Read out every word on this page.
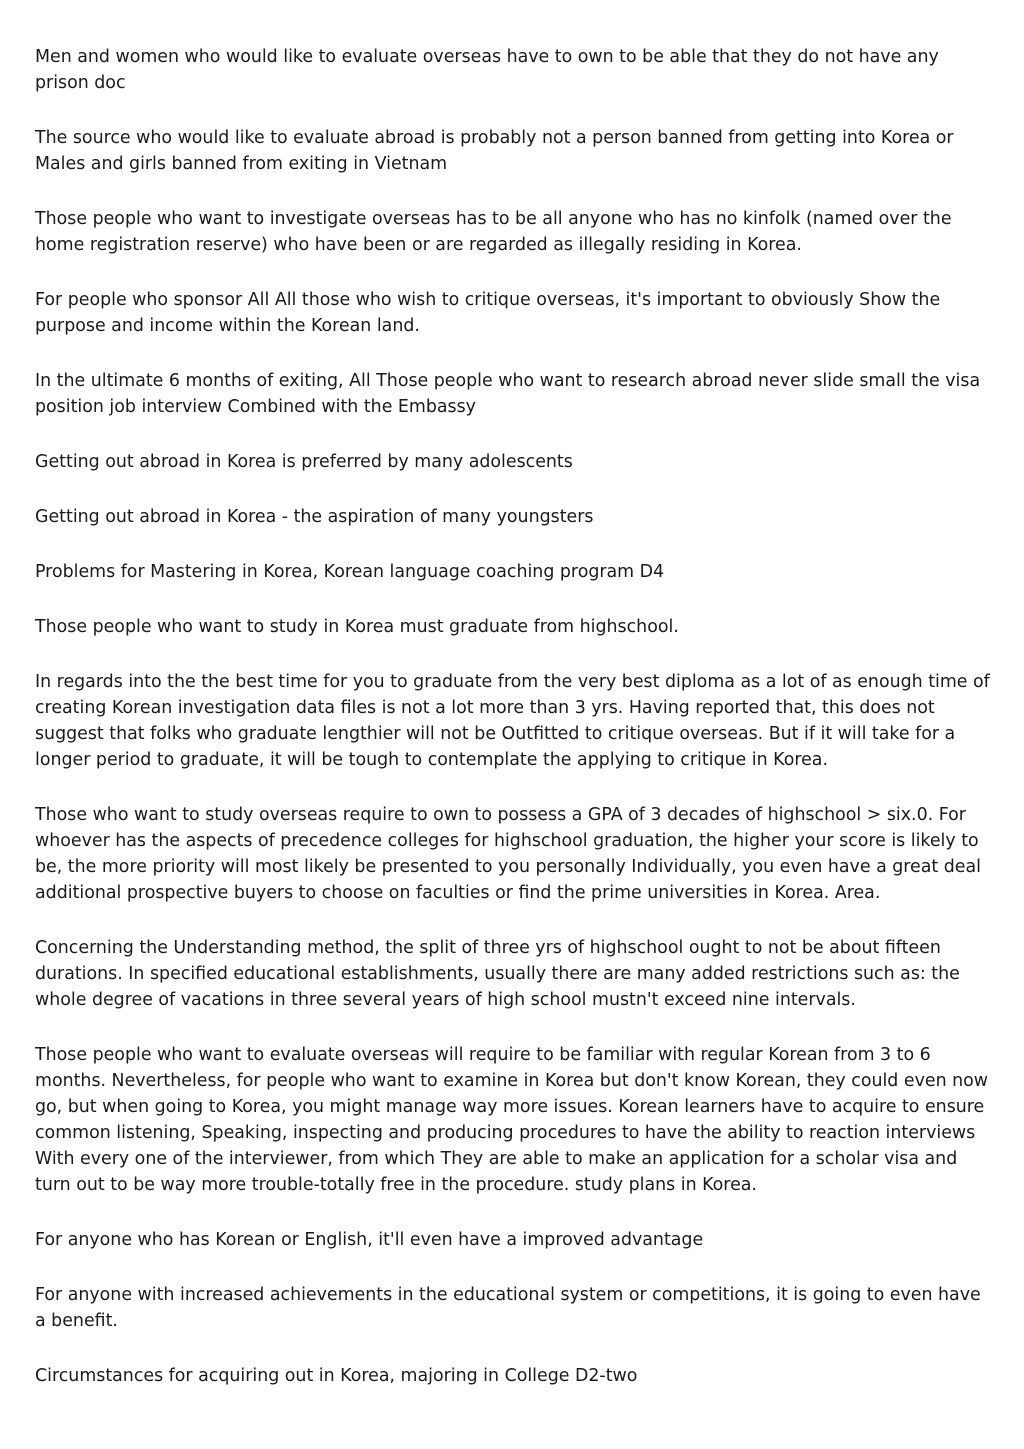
Men and women who would like to evaluate overseas have to own to be able that they do not have any prison doc

The source who would like to evaluate abroad is probably not a person banned from getting into Korea or Males and girls banned from exiting in Vietnam

Those people who want to investigate overseas has to be all anyone who has no kinfolk (named over the home registration reserve) who have been or are regarded as illegally residing in Korea.

For people who sponsor All All those who wish to critique overseas, it's important to obviously Show the purpose and income within the Korean land.

In the ultimate 6 months of exiting, All Those people who want to research abroad never slide small the visa position job interview Combined with the Embassy

Getting out abroad in Korea is preferred by many adolescents

Getting out abroad in Korea - the aspiration of many youngsters

Problems for Mastering in Korea, Korean language coaching program D4

Those people who want to study in Korea must graduate from highschool.

In regards into the the best time for you to graduate from the very best diploma as a lot of as enough time of creating Korean investigation data files is not a lot more than 3 yrs. Having reported that, this does not suggest that folks who graduate lengthier will not be Outfitted to critique overseas. But if it will take for a longer period to graduate, it will be tough to contemplate the applying to critique in Korea.

Those who want to study overseas require to own to possess a GPA of 3 decades of highschool > six.0. For whoever has the aspects of precedence colleges for highschool graduation, the higher your score is likely to be, the more priority will most likely be presented to you personally Individually, you even have a great deal additional prospective buyers to choose on faculties or find the prime universities in Korea. Area.

Concerning the Understanding method, the split of three yrs of highschool ought to not be about fifteen durations. In specified educational establishments, usually there are many added restrictions such as: the whole degree of vacations in three several years of high school mustn't exceed nine intervals.

Those people who want to evaluate overseas will require to be familiar with regular Korean from 3 to 6 months. Nevertheless, for people who want to examine in Korea but don't know Korean, they could even now go, but when going to Korea, you might manage way more issues. Korean learners have to acquire to ensure common listening, Speaking, inspecting and producing procedures to have the ability to reaction interviews With every one of the interviewer, from which They are able to make an application for a scholar visa and turn out to be way more trouble-totally free in the procedure. study plans in Korea.

For anyone who has Korean or English, it'll even have a improved advantage

For anyone with increased achievements in the educational system or competitions, it is going to even have a benefit.

Circumstances for acquiring out in Korea, majoring in College D2-two
